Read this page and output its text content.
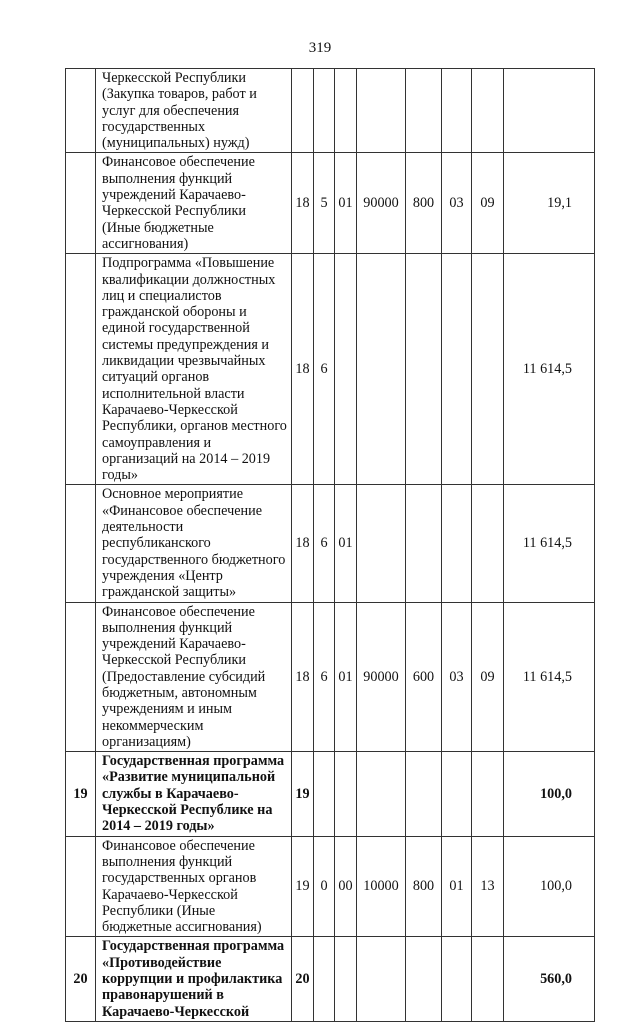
319
	Черкесской Республики (Закупка товаров, работ и услуг для обеспечения государственных (муниципальных) нужд)								
	Финансовое обеспечение выполнения функций учреждений Карачаево-Черкесской Республики (Иные бюджетные ассигнования)	18	5	01	90000	800	03	09	19,1
	Подпрограмма «Повышение квалификации должностных лиц и специалистов гражданской обороны и единой государственной системы предупреждения и ликвидации чрезвычайных ситуаций органов исполнительной власти Карачаево-Черкесской Республики, органов местного самоуправления и организаций на 2014 – 2019 годы»	18	6						11 614,5
	Основное мероприятие «Финансовое обеспечение деятельности республиканского государственного бюджетного учреждения «Центр гражданской защиты»	18	6	01					11 614,5
	Финансовое обеспечение выполнения функций учреждений Карачаево-Черкесской Республики (Предоставление субсидий бюджетным, автономным учреждениям и иным некоммерческим организациям)	18	6	01	90000	600	03	09	11 614,5
19	Государственная программа «Развитие муниципальной службы в Карачаево-Черкесской Республике на 2014 – 2019 годы»	19							100,0
	Финансовое обеспечение выполнения функций государственных органов Карачаево-Черкесской Республики (Иные бюджетные ассигнования)	19	0	00	10000	800	01	13	100,0
20	Государственная программа «Противодействие коррупции и профилактика правонарушений в Карачаево-Черкесской	20							560,0
